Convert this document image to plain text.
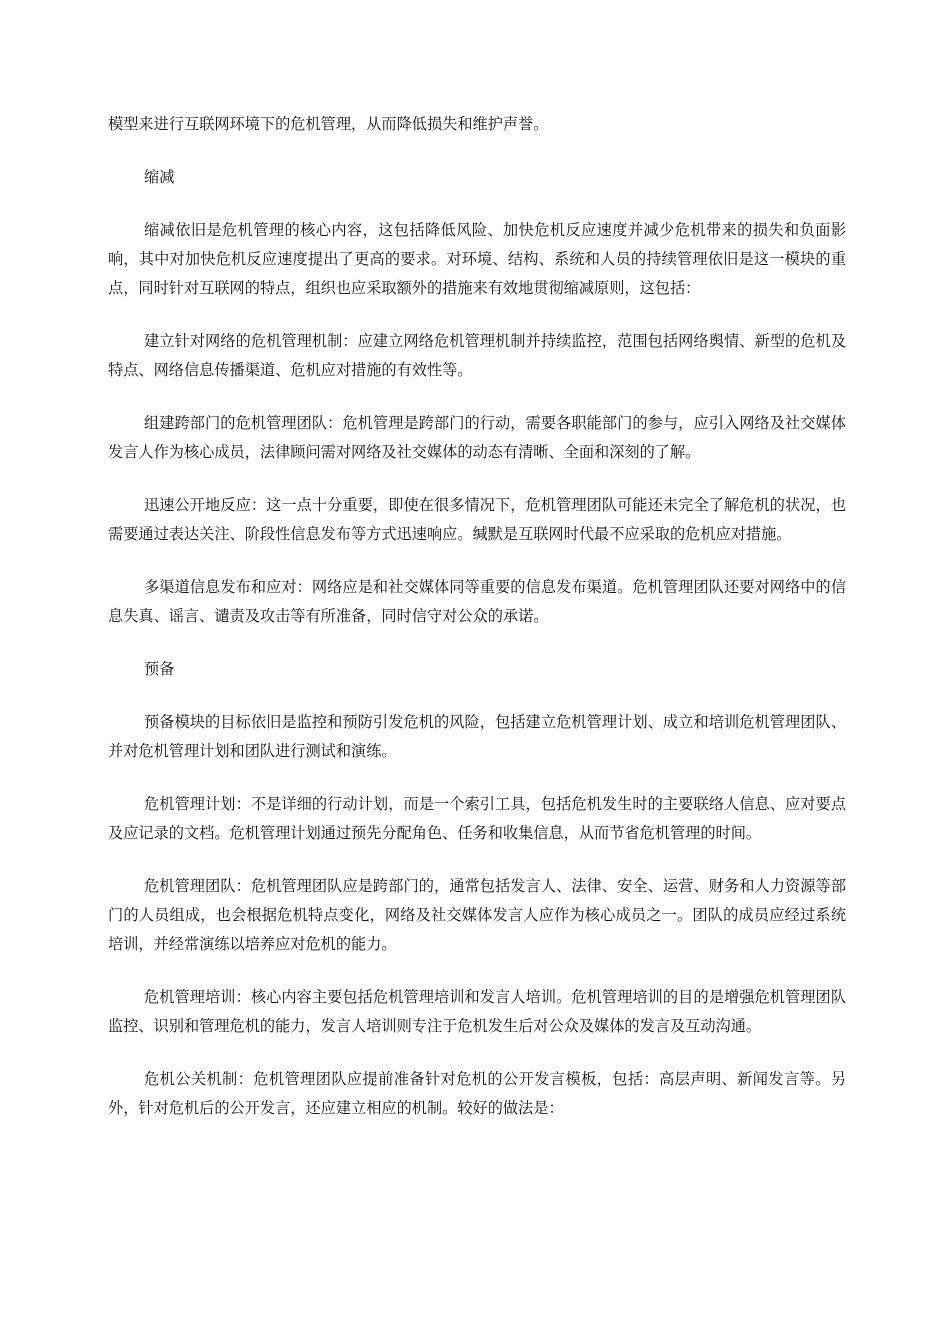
模型来进行互联网环境下的危机管理，从而降低损失和维护声誉。

缩减

缩减依旧是危机管理的核心内容，这包括降低风险、加快危机反应速度并减少危机带来的损失和负面影响，其中对加快危机反应速度提出了更高的要求。对环境、结构、系统和人员的持续管理依旧是这一模块的重点，同时针对互联网的特点，组织也应采取额外的措施来有效地贯彻缩减原则，这包括：

建立针对网络的危机管理机制：应建立网络危机管理机制并持续监控，范围包括网络舆情、新型的危机及特点、网络信息传播渠道、危机应对措施的有效性等。

组建跨部门的危机管理团队：危机管理是跨部门的行动，需要各职能部门的参与，应引入网络及社交媒体发言人作为核心成员，法律顾问需对网络及社交媒体的动态有清晰、全面和深刻的了解。

迅速公开地反应：这一点十分重要，即使在很多情况下，危机管理团队可能还未完全了解危机的状况，也需要通过表达关注、阶段性信息发布等方式迅速响应。缄默是互联网时代最不应采取的危机应对措施。

多渠道信息发布和应对：网络应是和社交媒体同等重要的信息发布渠道。危机管理团队还要对网络中的信息失真、谣言、谴责及攻击等有所准备，同时信守对公众的承诺。

预备

预备模块的目标依旧是监控和预防引发危机的风险，包括建立危机管理计划、成立和培训危机管理团队、并对危机管理计划和团队进行测试和演练。

危机管理计划：不是详细的行动计划，而是一个索引工具，包括危机发生时的主要联络人信息、应对要点及应记录的文档。危机管理计划通过预先分配角色、任务和收集信息，从而节省危机管理的时间。

危机管理团队：危机管理团队应是跨部门的，通常包括发言人、法律、安全、运营、财务和人力资源等部门的人员组成，也会根据危机特点变化，网络及社交媒体发言人应作为核心成员之一。团队的成员应经过系统培训，并经常演练以培养应对危机的能力。

危机管理培训：核心内容主要包括危机管理培训和发言人培训。危机管理培训的目的是增强危机管理团队监控、识别和管理危机的能力，发言人培训则专注于危机发生后对公众及媒体的发言及互动沟通。

危机公关机制：危机管理团队应提前准备针对危机的公开发言模板，包括：高层声明、新闻发言等。另外，针对危机后的公开发言，还应建立相应的机制。较好的做法是：
